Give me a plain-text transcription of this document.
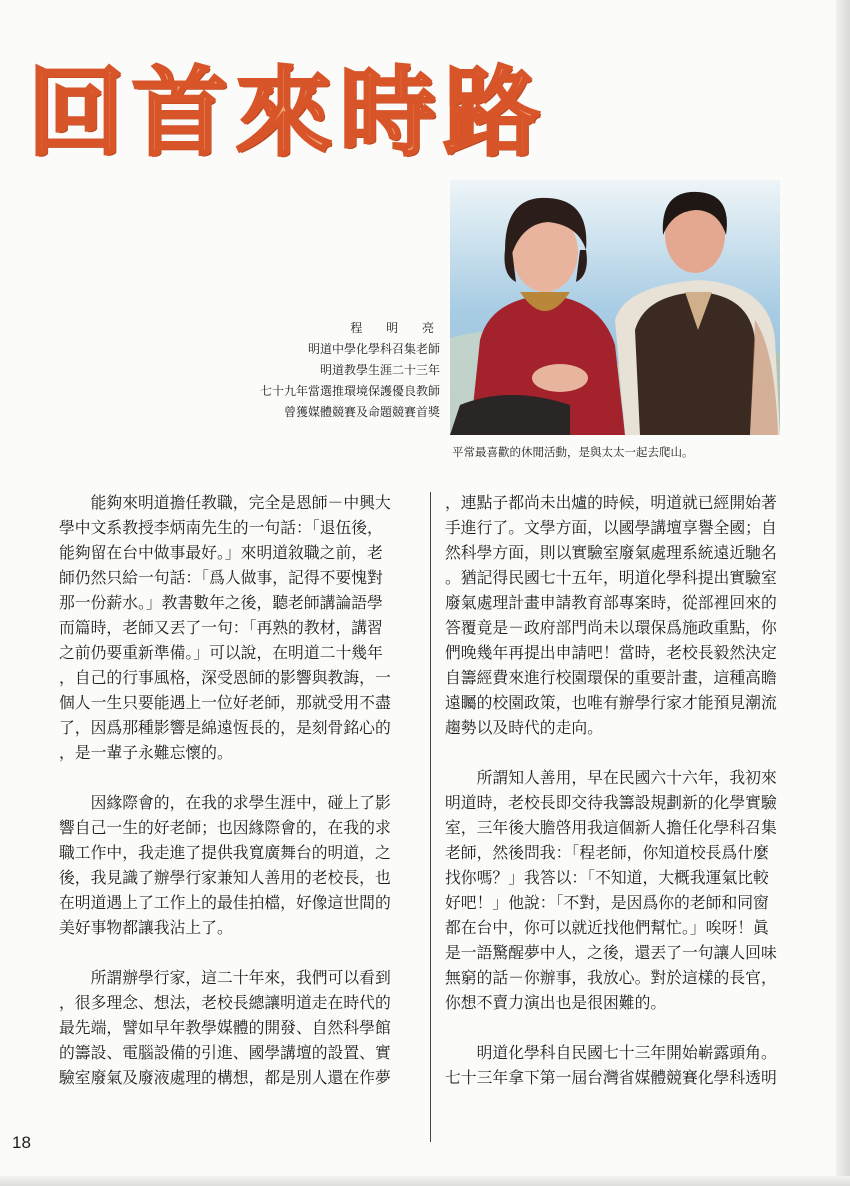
回首來時路
程 明 亮
明道中學化學科召集老師
明道教學生涯二十三年
七十九年當選推環境保護優良教師
曾獲媒體競賽及命題競賽首獎
平常最喜歡的休閒活動，是與太太一起去爬山。

　　能夠來明道擔任教職，完全是恩師－中興大
學中文系教授李炳南先生的一句話：「退伍後，
能夠留在台中做事最好。」來明道敘職之前，老
師仍然只給一句話：「爲人做事，記得不要愧對
那一份薪水。」教書數年之後，聽老師講論語學
而篇時，老師又丟了一句：「再熟的教材，講習
之前仍要重新準備。」可以說，在明道二十幾年
，自己的行事風格，深受恩師的影響與教誨，一
個人一生只要能遇上一位好老師，那就受用不盡
了，因爲那種影響是綿遠恆長的，是刻骨銘心的
，是一輩子永難忘懷的。

　　因緣際會的，在我的求學生涯中，碰上了影
響自己一生的好老師；也因緣際會的，在我的求
職工作中，我走進了提供我寬廣舞台的明道，之
後，我見識了辦學行家兼知人善用的老校長，也
在明道遇上了工作上的最佳拍檔，好像這世間的
美好事物都讓我沾上了。

　　所謂辦學行家，這二十年來，我們可以看到
，很多理念、想法，老校長總讓明道走在時代的
最先端，譬如早年教學媒體的開發、自然科學館
的籌設、電腦設備的引進、國學講壇的設置、實
驗室廢氣及廢液處理的構想，都是別人還在作夢

，連點子都尚未出爐的時候，明道就已經開始著
手進行了。文學方面，以國學講壇享譽全國；自
然科學方面，則以實驗室廢氣處理系統遠近馳名
。猶記得民國七十五年，明道化學科提出實驗室
廢氣處理計畫申請教育部專案時，從部裡回來的
答覆竟是－政府部門尚未以環保爲施政重點，你
們晚幾年再提出申請吧！當時，老校長毅然決定
自籌經費來進行校園環保的重要計畫，這種高瞻
遠矚的校園政策，也唯有辦學行家才能預見潮流
趨勢以及時代的走向。

　　所謂知人善用，早在民國六十六年，我初來
明道時，老校長即交待我籌設規劃新的化學實驗
室，三年後大膽啓用我這個新人擔任化學科召集
老師，然後問我：「程老師，你知道校長爲什麼
找你嗎？」我答以：「不知道，大概我運氣比較
好吧！」他說：「不對，是因爲你的老師和同窗
都在台中，你可以就近找他們幫忙。」唉呀！眞
是一語驚醒夢中人，之後，還丟了一句讓人回味
無窮的話－你辦事，我放心。對於這樣的長官，
你想不賣力演出也是很困難的。

　　明道化學科自民國七十三年開始嶄露頭角。
七十三年拿下第一屆台灣省媒體競賽化學科透明

18
